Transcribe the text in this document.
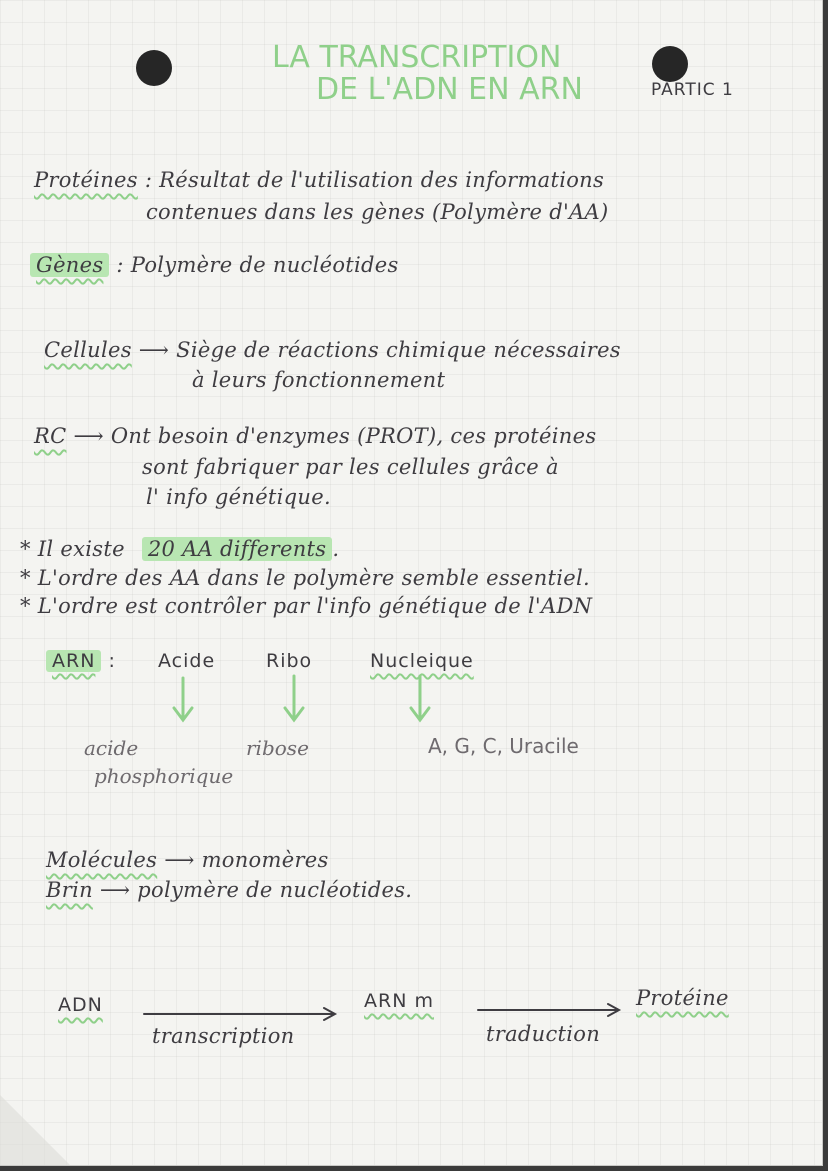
LA TRANSCRIPTION
DE L'ADN EN ARN	PARTIC 1
Protéines : Résultat de l'utilisation des informations
contenues dans les gènes (Polymère d'AA)
Gènes : Polymère de nucléotides
Cellules ⟶ Siège de réactions chimique nécessaires
à leurs fonctionnement
RC ⟶ Ont besoin d'enzymes (PROT), ces protéines
sont fabriquer par les cellules grâce à
l' info génétique.
* Il existe 20 AA differents .
* L'ordre des AA dans le polymère semble essentiel.
* L'ordre est contrôler par l'info génétique de l'ADN
ARN : Acide	Ribo	Nucleique
acide
phosphorique
ribose	A, G, C, Uracile
Molécules ⟶ monomères
Brin ⟶ polymère de nucléotides.
ADN
transcription
ARN m
traduction
Protéine
